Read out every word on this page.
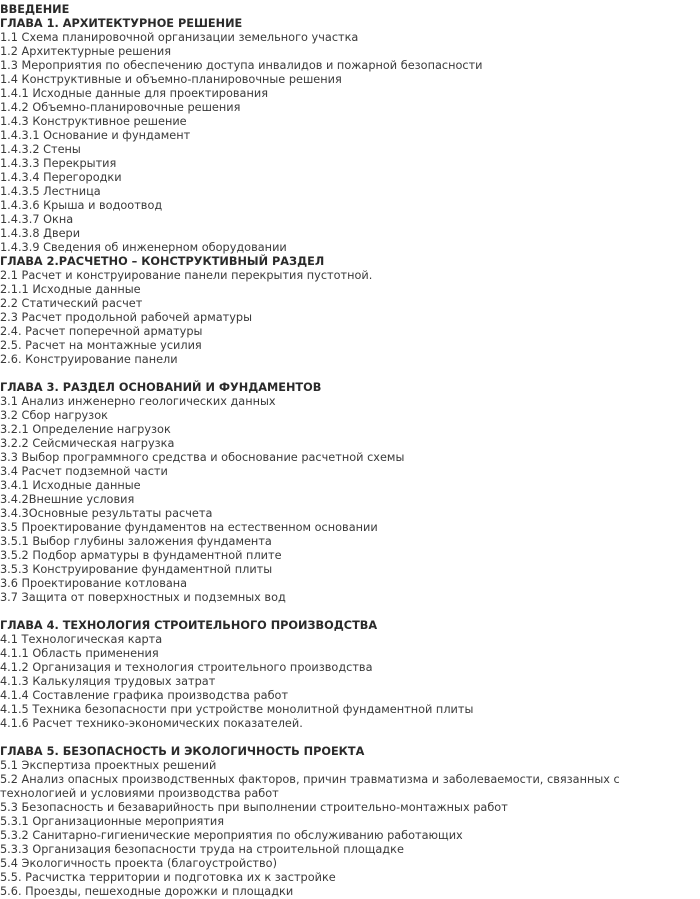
ВВЕДЕНИЕ
ГЛАВА 1. АРХИТЕКТУРНОЕ РЕШЕНИЕ
1.1 Схема планировочной организации земельного участка
1.2 Архитектурные решения
1.3 Мероприятия по обеспечению доступа инвалидов и пожарной безопасности
1.4 Конструктивные и объемно-планировочные решения
1.4.1 Исходные данные для проектирования
1.4.2 Объемно-планировочные решения
1.4.3 Конструктивное решение
1.4.3.1 Основание и фундамент
1.4.3.2 Стены
1.4.3.3 Перекрытия
1.4.3.4 Перегородки
1.4.3.5 Лестница
1.4.3.6 Крыша и водоотвод
1.4.3.7 Окна
1.4.3.8 Двери
1.4.3.9 Сведения об инженерном оборудовании
ГЛАВА 2.РАСЧЕТНО – КОНСТРУКТИВНЫЙ РАЗДЕЛ
2.1 Расчет и конструирование панели перекрытия пустотной.
2.1.1 Исходные данные
2.2 Статический расчет
2.3 Расчет продольной рабочей арматуры
2.4. Расчет поперечной арматуры
2.5. Расчет на монтажные усилия
2.6. Конструирование панели
ГЛАВА 3. РАЗДЕЛ ОСНОВАНИЙ И ФУНДАМЕНТОВ
3.1 Анализ инженерно геологических данных
3.2 Сбор нагрузок
3.2.1 Определение нагрузок
3.2.2 Сейсмическая нагрузка
3.3 Выбор программного средства и обоснование расчетной схемы
3.4 Расчет подземной части
3.4.1 Исходные данные
3.4.2Внешние условия
3.4.3Основные результаты расчета
3.5 Проектирование фундаментов на естественном основании
3.5.1 Выбор глубины заложения фундамента
3.5.2 Подбор арматуры в фундаментной плите
3.5.3 Конструирование фундаментной плиты
3.6 Проектирование котлована
3.7 Защита от поверхностных и подземных вод
ГЛАВА 4. ТЕХНОЛОГИЯ СТРОИТЕЛЬНОГО ПРОИЗВОДСТВА
4.1 Технологическая карта
4.1.1 Область применения
4.1.2 Организация и технология строительного производства
4.1.3 Калькуляция трудовых затрат
4.1.4 Составление графика производства работ
4.1.5 Техника безопасности при устройстве монолитной фундаментной плиты
4.1.6 Расчет технико-экономических показателей.
ГЛАВА 5. БЕЗОПАСНОСТЬ И ЭКОЛОГИЧНОСТЬ ПРОЕКТА
5.1 Экспертиза проектных решений
5.2 Анализ опасных производственных факторов, причин травматизма и заболеваемости, связанных с технологией и условиями производства работ
5.3 Безопасность и безаварийность при выполнении строительно-монтажных работ
5.3.1 Организационные мероприятия
5.3.2 Санитарно-гигиенические мероприятия по обслуживанию работающих
5.3.3 Организация безопасности труда на строительной площадке
5.4 Экологичность проекта (благоустройство)
5.5. Расчистка территории и подготовка их к застройке
5.6. Проезды, пешеходные дорожки и площадки
